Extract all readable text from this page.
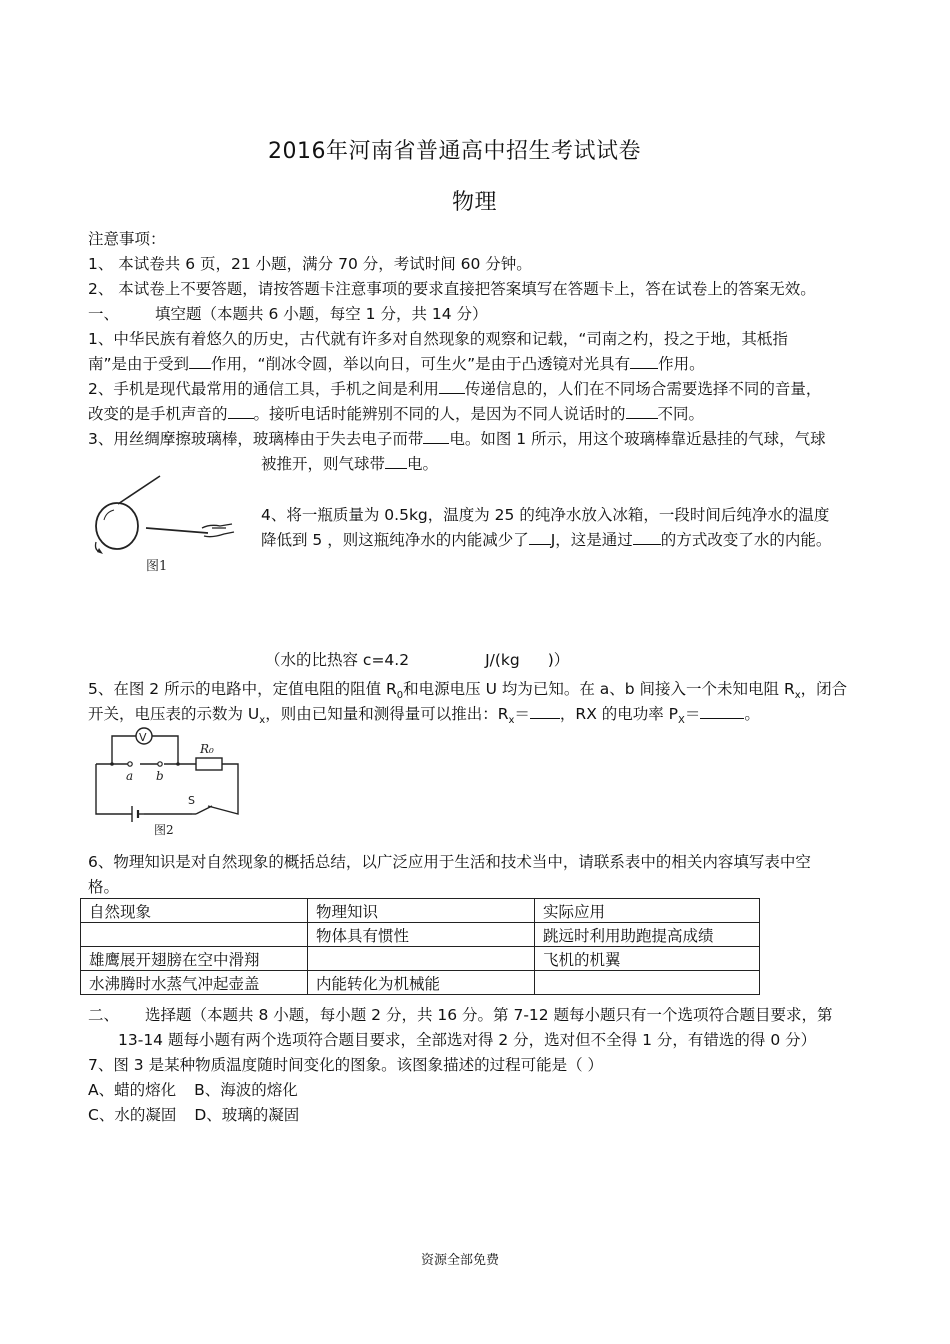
2016年河南省普通高中招生考试试卷
物理
注意事项：
1、 本试卷共 6 页，21 小题，满分 70 分，考试时间 60 分钟。
2、 本试卷上不要答题，请按答题卡注意事项的要求直接把答案填写在答题卡上，答在试卷上的答案无效。
一、 填空题（本题共 6 小题，每空 1 分，共 14 分）
1、中华民族有着悠久的历史，古代就有许多对自然现象的观察和记载，“司南之杓，投之于地，其柢指
南”是由于受到 作用，“削冰令圆，举以向日，可生火”是由于凸透镜对光具有 作用。
2、手机是现代最常用的通信工具，手机之间是利用 传递信息的，人们在不同场合需要选择不同的音量，
改变的是手机声音的 。接听电话时能辨别不同的人，是因为不同人说话时的 不同。
3、用丝绸摩擦玻璃棒，玻璃棒由于失去电子而带 电。如图 1 所示，用这个玻璃棒靠近悬挂的气球，气球
被推开，则气球带 电。
图1
4、将一瓶质量为 0.5kg，温度为 25 的纯净水放入冰箱，一段时间后纯净水的温度
降低到 5 ，则这瓶纯净水的内能减少了 J，这是通过 的方式改变了水的内能。
（水的比热容 c=4.2	J/(kg )）
5、在图 2 所示的电路中，定值电阻的阻值 $R_0$和电源电压 U 均为已知。在 a、b 间接入一个未知电阻 $R_x$，闭合
开关，电压表的示数为 $U_x$，则由已知量和测得量可以推出：$R_x=$ ，RX 的电功率 $P_X=$	。
V
R₀
a b
S
图2
6、物理知识是对自然现象的概括总结，以广泛应用于生活和技术当中，请联系表中的相关内容填写表中空
格。
自然现象	物理知识	实际应用
	物体具有惯性	跳远时利用助跑提高成绩
雄鹰展开翅膀在空中滑翔		飞机的机翼
水沸腾时水蒸气冲起壶盖	内能转化为机械能	
二、 选择题（本题共 8 小题，每小题 2 分，共 16 分。第 7-12 题每小题只有一个选项符合题目要求，第
13-14 题每小题有两个选项符合题目要求，全部选对得 2 分，选对但不全得 1 分，有错选的得 0 分）
7、图 3 是某种物质温度随时间变化的图象。该图象描述的过程可能是（ ）
A、蜡的熔化 B、海波的熔化
C、水的凝固 D、玻璃的凝固
资源全部免费
